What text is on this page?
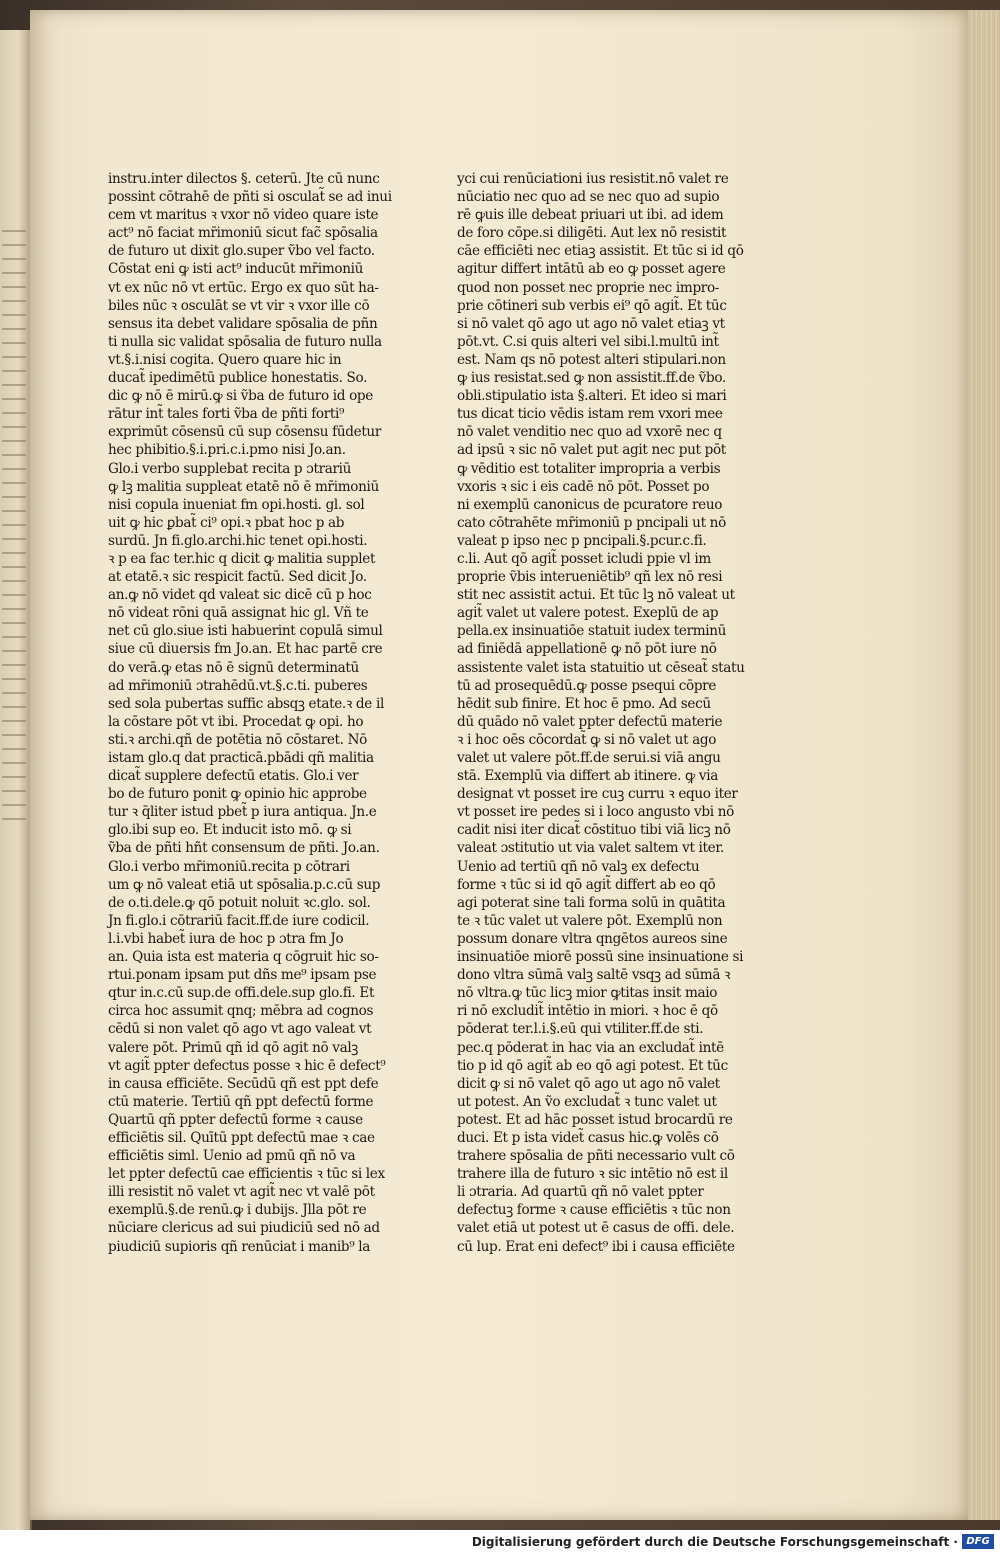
instru.inter dilectos §. ceterū. Jte cū nunc
possint cōtrahē de pñti si osculat̃ se ad inui
cem vt maritus ꝛ vxor nō video quare iste
act⁹ nō faciat mr̄imoniū sicut fac̃ spōsalia
de futuro ut dixit glo.super ṽbo vel facto.
Cōstat eni ꝙ isti act⁹ inducūt mr̄imoniū
vt ex nūc nō vt ertūc. Ergo ex quo sūt ha-
biles nūc ꝛ osculāt se vt vir ꝛ vxor ille cō
sensus ita debet validare spōsalia de pñn
ti nulla sic validat spōsalia de futuro nulla
vt.§.i.nisi cogita. Quero quare hic in
ducat̃ ipedimētū publice honestatis. So.
dic ꝙ nō ē mirū.ꝙ si ṽba de futuro id ope
rātur int̃ tales forti ṽba de pñti forti⁹
exprimūt cōsensū cū sup cōsensu fūdetur
hec phibitio.§.i.pri.c.i.pmo nisi Jo.an.
Glo.i verbo supplebat recita p ɔtrariū
ꝙ lꝫ malitia suppleat etatē nō ē mr̄imoniū
nisi copula inueniat fm opi.hosti. gl. sol
uit ꝙ hic ꝑbat̃ ci⁹ opi.ꝛ pbat hoc p ab
surdū. Jn fi.glo.archi.hic tenet opi.hosti.
ꝛ p ea fac ter.hic q dicit ꝙ malitia supplet
at etatē.ꝛ sic respicit factū. Sed dicit Jo.
an.ꝙ nō videt qd valeat sic dicē cū p hoc
nō videat rōni quā assignat hic gl. Vñ te
net cū glo.siue isti habuerint copulā simul
siue cū diuersis fm Jo.an. Et hac partē cre
do verā.ꝙ etas nō ē signū determinatū
ad mr̄imoniū ɔtrahēdū.vt.§.c.ti. puberes
sed sola pubertas suffic absqꝫ etate.ꝛ de il
la cōstare pōt vt ibi. Procedat ꝙ opi. ho
sti.ꝛ archi.qñ de potētia nō cōstaret. Nō
istam glo.q dat practicā.pbādi qñ malitia
dicat̃ supplere defectū etatis. Glo.i ver
bo de futuro ponit ꝙ opinio hic approbe
tur ꝛ q̄liter istud pbet̃ p iura antiqua. Jn.e
glo.ibi sup eo. Et inducit isto mō. ꝙ si
ṽba de pñti hñt consensum de pñti. Jo.an.
Glo.i verbo mr̄imoniū.recita p cōtrari
um ꝙ nō valeat etiā ut spōsalia.p.c.cū sup
de o.ti.dele.ꝙ qō potuit noluit ꝛc.glo. sol.
Jn fi.glo.i cōtrariū facit.ff.de iure codicil.
l.i.vbi habet̃ iura de hoc p ɔtra fm Jo
an. Quia ista est materia q cōgruit hic so-
rtui.ponam ipsam put dñs me⁹ ipsam pse
qtur in.c.cū sup.de offi.dele.sup glo.fi. Et
circa hoc assumit qnq; mēbra ad cognos
cēdū si non valet qō ago vt ago valeat vt
valere pōt. Primū qñ id qō agit nō valꝫ
vt agit̃ ppter defectus posse ꝛ hic ē defect⁹
in causa efficiēte. Secūdū qñ est ppt defe
ctū materie. Tertiū qñ ppt defectū forme
Quartū qñ ppter defectū forme ꝛ cause
efficiētis sil. Quītū ppt defectū mae ꝛ cae
efficiētis siml. Uenio ad pmū qñ nō va
let ppter defectū cae efficientis ꝛ tūc si lex
illi resistit nō valet vt agit̃ nec vt valē pōt
exemplū.§.de renū.ꝙ i dubijs. Jlla pōt re
nūciare clericus ad sui piudiciū sed nō ad
piudiciū supioris qñ renūciat i manib⁹ la
yci cui renūciationi ius resistit.nō valet re
nūciatio nec quo ad se nec quo ad supio
rē ꝙuis ille debeat priuari ut ibi. ad idem
de foro cōpe.si diligēti. Aut lex nō resistit
cāe efficiēti nec etiaꝫ assistit. Et tūc si id qō
agitur differt intātū ab eo ꝙ posset agere
quod non posset nec proprie nec impro-
prie cōtineri sub verbis ei⁹ qō agit̃. Et tūc
si nō valet qō ago ut ago nō valet etiaꝫ vt
pōt.vt. C.si quis alteri vel sibi.l.multū int̃
est. Nam qs nō potest alteri stipulari.non
ꝙ ius resistat.sed ꝙ non assistit.ff.de ṽbo.
obli.stipulatio ista §.alteri. Et ideo si mari
tus dicat ticio vēdis istam rem vxori mee
nō valet venditio nec quo ad vxorē nec q
ad ipsū ꝛ sic nō valet put agit nec put pōt
ꝙ vēditio est totaliter impropria a verbis
vxoris ꝛ sic i eis cadē nō pōt. Posset po
ni exemplū canonicus de pcuratore reuo
cato cōtrahēte mr̄imoniū p pncipali ut nō
valeat p ipso nec p pncipali.§.pcur.c.fi.
c.li. Aut qō agit̃ posset icludi ppie vl im
proprie ṽbis interueniētib⁹ qñ lex nō resi
stit nec assistit actui. Et tūc lꝫ nō valeat ut
agit̃ valet ut valere potest. Exeplū de ap
pella.ex insinuatiōe statuit iudex terminū
ad finiēdā appellationē ꝙ nō pōt iure nō
assistente valet ista statuitio ut cēseat̃ statu
tū ad prosequēdū.ꝙ posse psequi cōpre
hēdit sub finire. Et hoc ē pmo. Ad secū
dū quādo nō valet ppter defectū materie
ꝛ i hoc oēs cōcordat̃ ꝙ si nō valet ut ago
valet ut valere pōt.ff.de serui.si viā angu
stā. Exemplū via differt ab itinere. ꝙ via
designat vt posset ire cuꝫ curru ꝛ equo iter
vt posset ire pedes si i loco angusto vbi nō
cadit nisi iter dicat̃ cōstituo tibi viā licꝫ nō
valeat ɔstitutio ut via valet saltem vt iter.
Uenio ad tertiū qñ nō valꝫ ex defectu
forme ꝛ tūc si id qō agit̃ differt ab eo qō
agi poterat sine tali forma solū in quātita
te ꝛ tūc valet ut valere pōt. Exemplū non
possum donare vltra qngētos aureos sine
insinuatiōe miorē possū sine insinuatione si
dono vltra sūmā valꝫ saltē vsqꝫ ad sūmā ꝛ
nō vltra.ꝙ tūc licꝫ mior ꝙtitas insit maio
ri nō excludit̃ intētio in miori. ꝛ hoc ē qō
pōderat ter.l.i.§.eū qui vtiliter.ff.de sti.
pec.q pōderat in hac via an excludat̃ intē
tio p id qō agit̃ ab eo qō agi potest. Et tūc
dicit ꝙ si nō valet qō ago ut ago nō valet
ut potest. An ṽo excludat̃ ꝛ tunc valet ut
potest. Et ad hāc posset istud brocardū re
duci. Et p ista videt̃ casus hic.ꝙ volēs cō
trahere spōsalia de pñti necessario vult cō
trahere illa de futuro ꝛ sic intētio nō est il
li ɔtraria. Ad quartū qñ nō valet ppter
defectuꝫ forme ꝛ cause efficiētis ꝛ tūc non
valet etiā ut potest ut ē casus de offi. dele.
cū lup. Erat eni defect⁹ ibi i causa efficiēte
Digitalisierung gefördert durch die Deutsche Forschungsgemeinschaft · DFG
